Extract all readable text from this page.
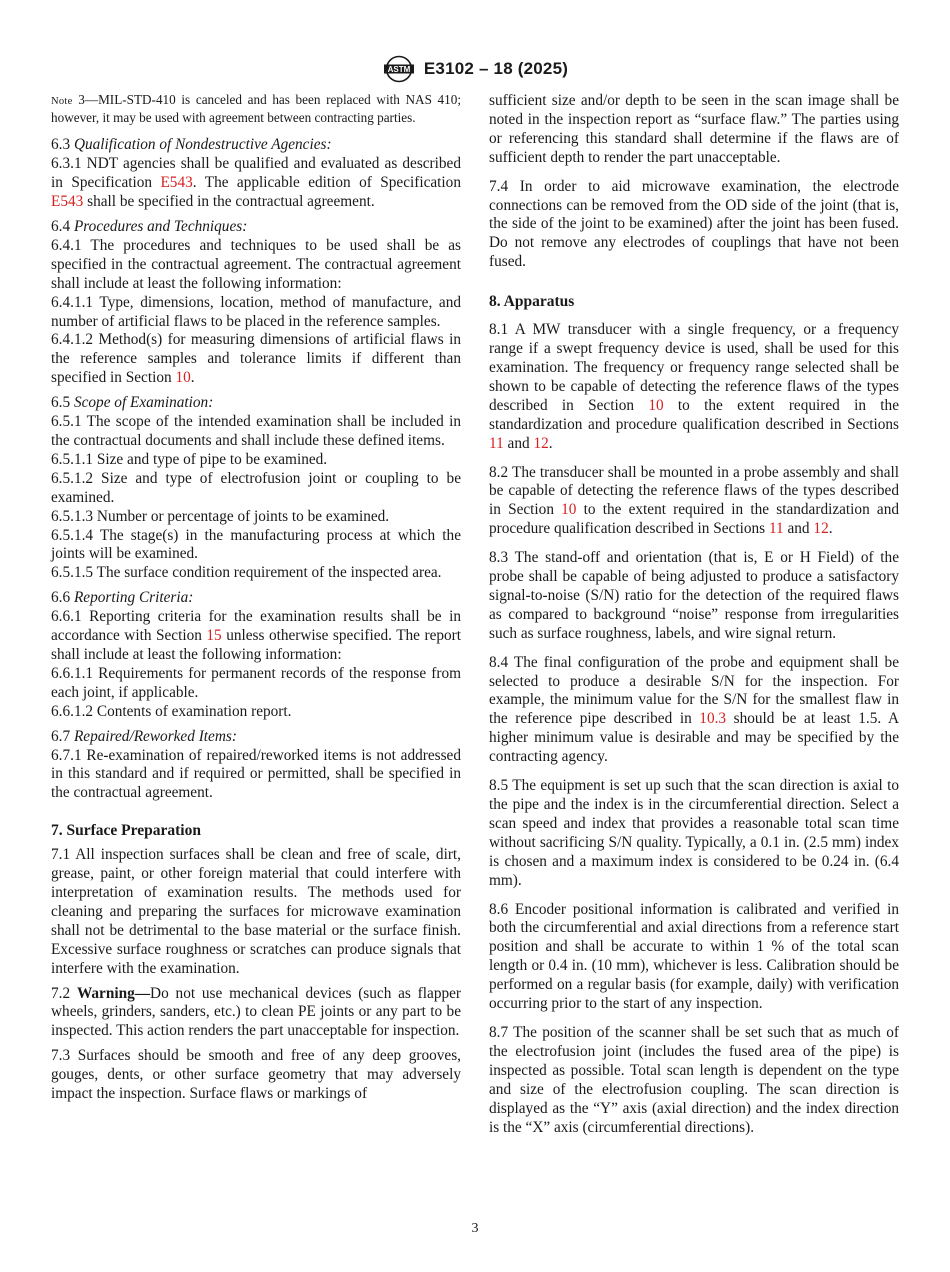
ASTM E3102 – 18 (2025)

Note 3—MIL-STD-410 is canceled and has been replaced with NAS 410; however, it may be used with agreement between contracting parties.

6.3 Qualification of Nondestructive Agencies:

6.3.1 NDT agencies shall be qualified and evaluated as described in Specification E543. The applicable edition of Specification E543 shall be specified in the contractual agreement.

6.4 Procedures and Techniques:

6.4.1 The procedures and techniques to be used shall be as specified in the contractual agreement. The contractual agreement shall include at least the following information:

6.4.1.1 Type, dimensions, location, method of manufacture, and number of artificial flaws to be placed in the reference samples.

6.4.1.2 Method(s) for measuring dimensions of artificial flaws in the reference samples and tolerance limits if different than specified in Section 10.

6.5 Scope of Examination:

6.5.1 The scope of the intended examination shall be included in the contractual documents and shall include these defined items.

6.5.1.1 Size and type of pipe to be examined.

6.5.1.2 Size and type of electrofusion joint or coupling to be examined.

6.5.1.3 Number or percentage of joints to be examined.

6.5.1.4 The stage(s) in the manufacturing process at which the joints will be examined.

6.5.1.5 The surface condition requirement of the inspected area.

6.6 Reporting Criteria:

6.6.1 Reporting criteria for the examination results shall be in accordance with Section 15 unless otherwise specified. The report shall include at least the following information:

6.6.1.1 Requirements for permanent records of the response from each joint, if applicable.

6.6.1.2 Contents of examination report.

6.7 Repaired/Reworked Items:

6.7.1 Re-examination of repaired/reworked items is not addressed in this standard and if required or permitted, shall be specified in the contractual agreement.

7. Surface Preparation

7.1 All inspection surfaces shall be clean and free of scale, dirt, grease, paint, or other foreign material that could interfere with interpretation of examination results. The methods used for cleaning and preparing the surfaces for microwave examination shall not be detrimental to the base material or the surface finish. Excessive surface roughness or scratches can produce signals that interfere with the examination.

7.2 Warning—Do not use mechanical devices (such as flapper wheels, grinders, sanders, etc.) to clean PE joints or any part to be inspected. This action renders the part unacceptable for inspection.

7.3 Surfaces should be smooth and free of any deep grooves, gouges, dents, or other surface geometry that may adversely impact the inspection. Surface flaws or markings of

sufficient size and/or depth to be seen in the scan image shall be noted in the inspection report as “surface flaw.” The parties using or referencing this standard shall determine if the flaws are of sufficient depth to render the part unacceptable.

7.4 In order to aid microwave examination, the electrode connections can be removed from the OD side of the joint (that is, the side of the joint to be examined) after the joint has been fused. Do not remove any electrodes of couplings that have not been fused.

8. Apparatus

8.1 A MW transducer with a single frequency, or a frequency range if a swept frequency device is used, shall be used for this examination. The frequency or frequency range selected shall be shown to be capable of detecting the reference flaws of the types described in Section 10 to the extent required in the standardization and procedure qualification described in Sections 11 and 12.

8.2 The transducer shall be mounted in a probe assembly and shall be capable of detecting the reference flaws of the types described in Section 10 to the extent required in the standardization and procedure qualification described in Sections 11 and 12.

8.3 The stand-off and orientation (that is, E or H Field) of the probe shall be capable of being adjusted to produce a satisfactory signal-to-noise (S/N) ratio for the detection of the required flaws as compared to background “noise” response from irregularities such as surface roughness, labels, and wire signal return.

8.4 The final configuration of the probe and equipment shall be selected to produce a desirable S/N for the inspection. For example, the minimum value for the S/N for the smallest flaw in the reference pipe described in 10.3 should be at least 1.5. A higher minimum value is desirable and may be specified by the contracting agency.

8.5 The equipment is set up such that the scan direction is axial to the pipe and the index is in the circumferential direction. Select a scan speed and index that provides a reasonable total scan time without sacrificing S/N quality. Typically, a 0.1 in. (2.5 mm) index is chosen and a maximum index is considered to be 0.24 in. (6.4 mm).

8.6 Encoder positional information is calibrated and verified in both the circumferential and axial directions from a reference start position and shall be accurate to within 1 % of the total scan length or 0.4 in. (10 mm), whichever is less. Calibration should be performed on a regular basis (for example, daily) with verification occurring prior to the start of any inspection.

8.7 The position of the scanner shall be set such that as much of the electrofusion joint (includes the fused area of the pipe) is inspected as possible. Total scan length is dependent on the type and size of the electrofusion coupling. The scan direction is displayed as the “Y” axis (axial direction) and the index direction is the “X” axis (circumferential directions).

3
